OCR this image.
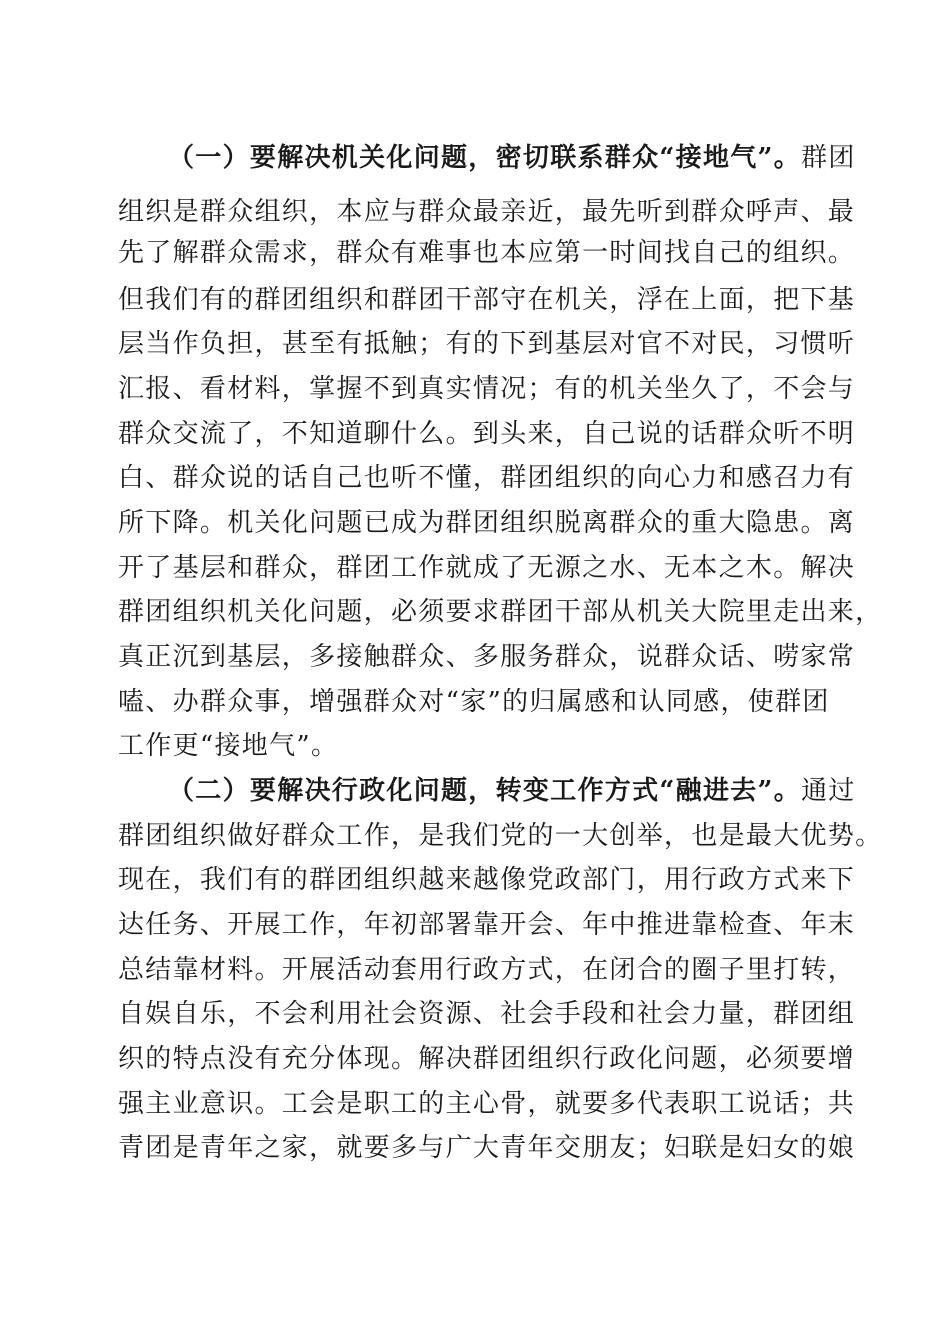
（一）要解决机关化问题，密切联系群众“接地气”。群团
组织是群众组织，本应与群众最亲近，最先听到群众呼声、最
先了解群众需求，群众有难事也本应第一时间找自己的组织。
但我们有的群团组织和群团干部守在机关，浮在上面，把下基
层当作负担，甚至有抵触；有的下到基层对官不对民，习惯听
汇报、看材料，掌握不到真实情况；有的机关坐久了，不会与
群众交流了，不知道聊什么。到头来，自己说的话群众听不明
白、群众说的话自己也听不懂，群团组织的向心力和感召力有
所下降。机关化问题已成为群团组织脱离群众的重大隐患。离
开了基层和群众，群团工作就成了无源之水、无本之木。解决
群团组织机关化问题，必须要求群团干部从机关大院里走出来，
真正沉到基层，多接触群众、多服务群众，说群众话、唠家常
嗑、办群众事，增强群众对“家”的归属感和认同感，使群团
工作更“接地气”。
（二）要解决行政化问题，转变工作方式“融进去”。通过
群团组织做好群众工作，是我们党的一大创举，也是最大优势。
现在，我们有的群团组织越来越像党政部门，用行政方式来下
达任务、开展工作，年初部署靠开会、年中推进靠检查、年末
总结靠材料。开展活动套用行政方式，在闭合的圈子里打转，
自娱自乐，不会利用社会资源、社会手段和社会力量，群团组
织的特点没有充分体现。解决群团组织行政化问题，必须要增
强主业意识。工会是职工的主心骨，就要多代表职工说话；共
青团是青年之家，就要多与广大青年交朋友；妇联是妇女的娘
